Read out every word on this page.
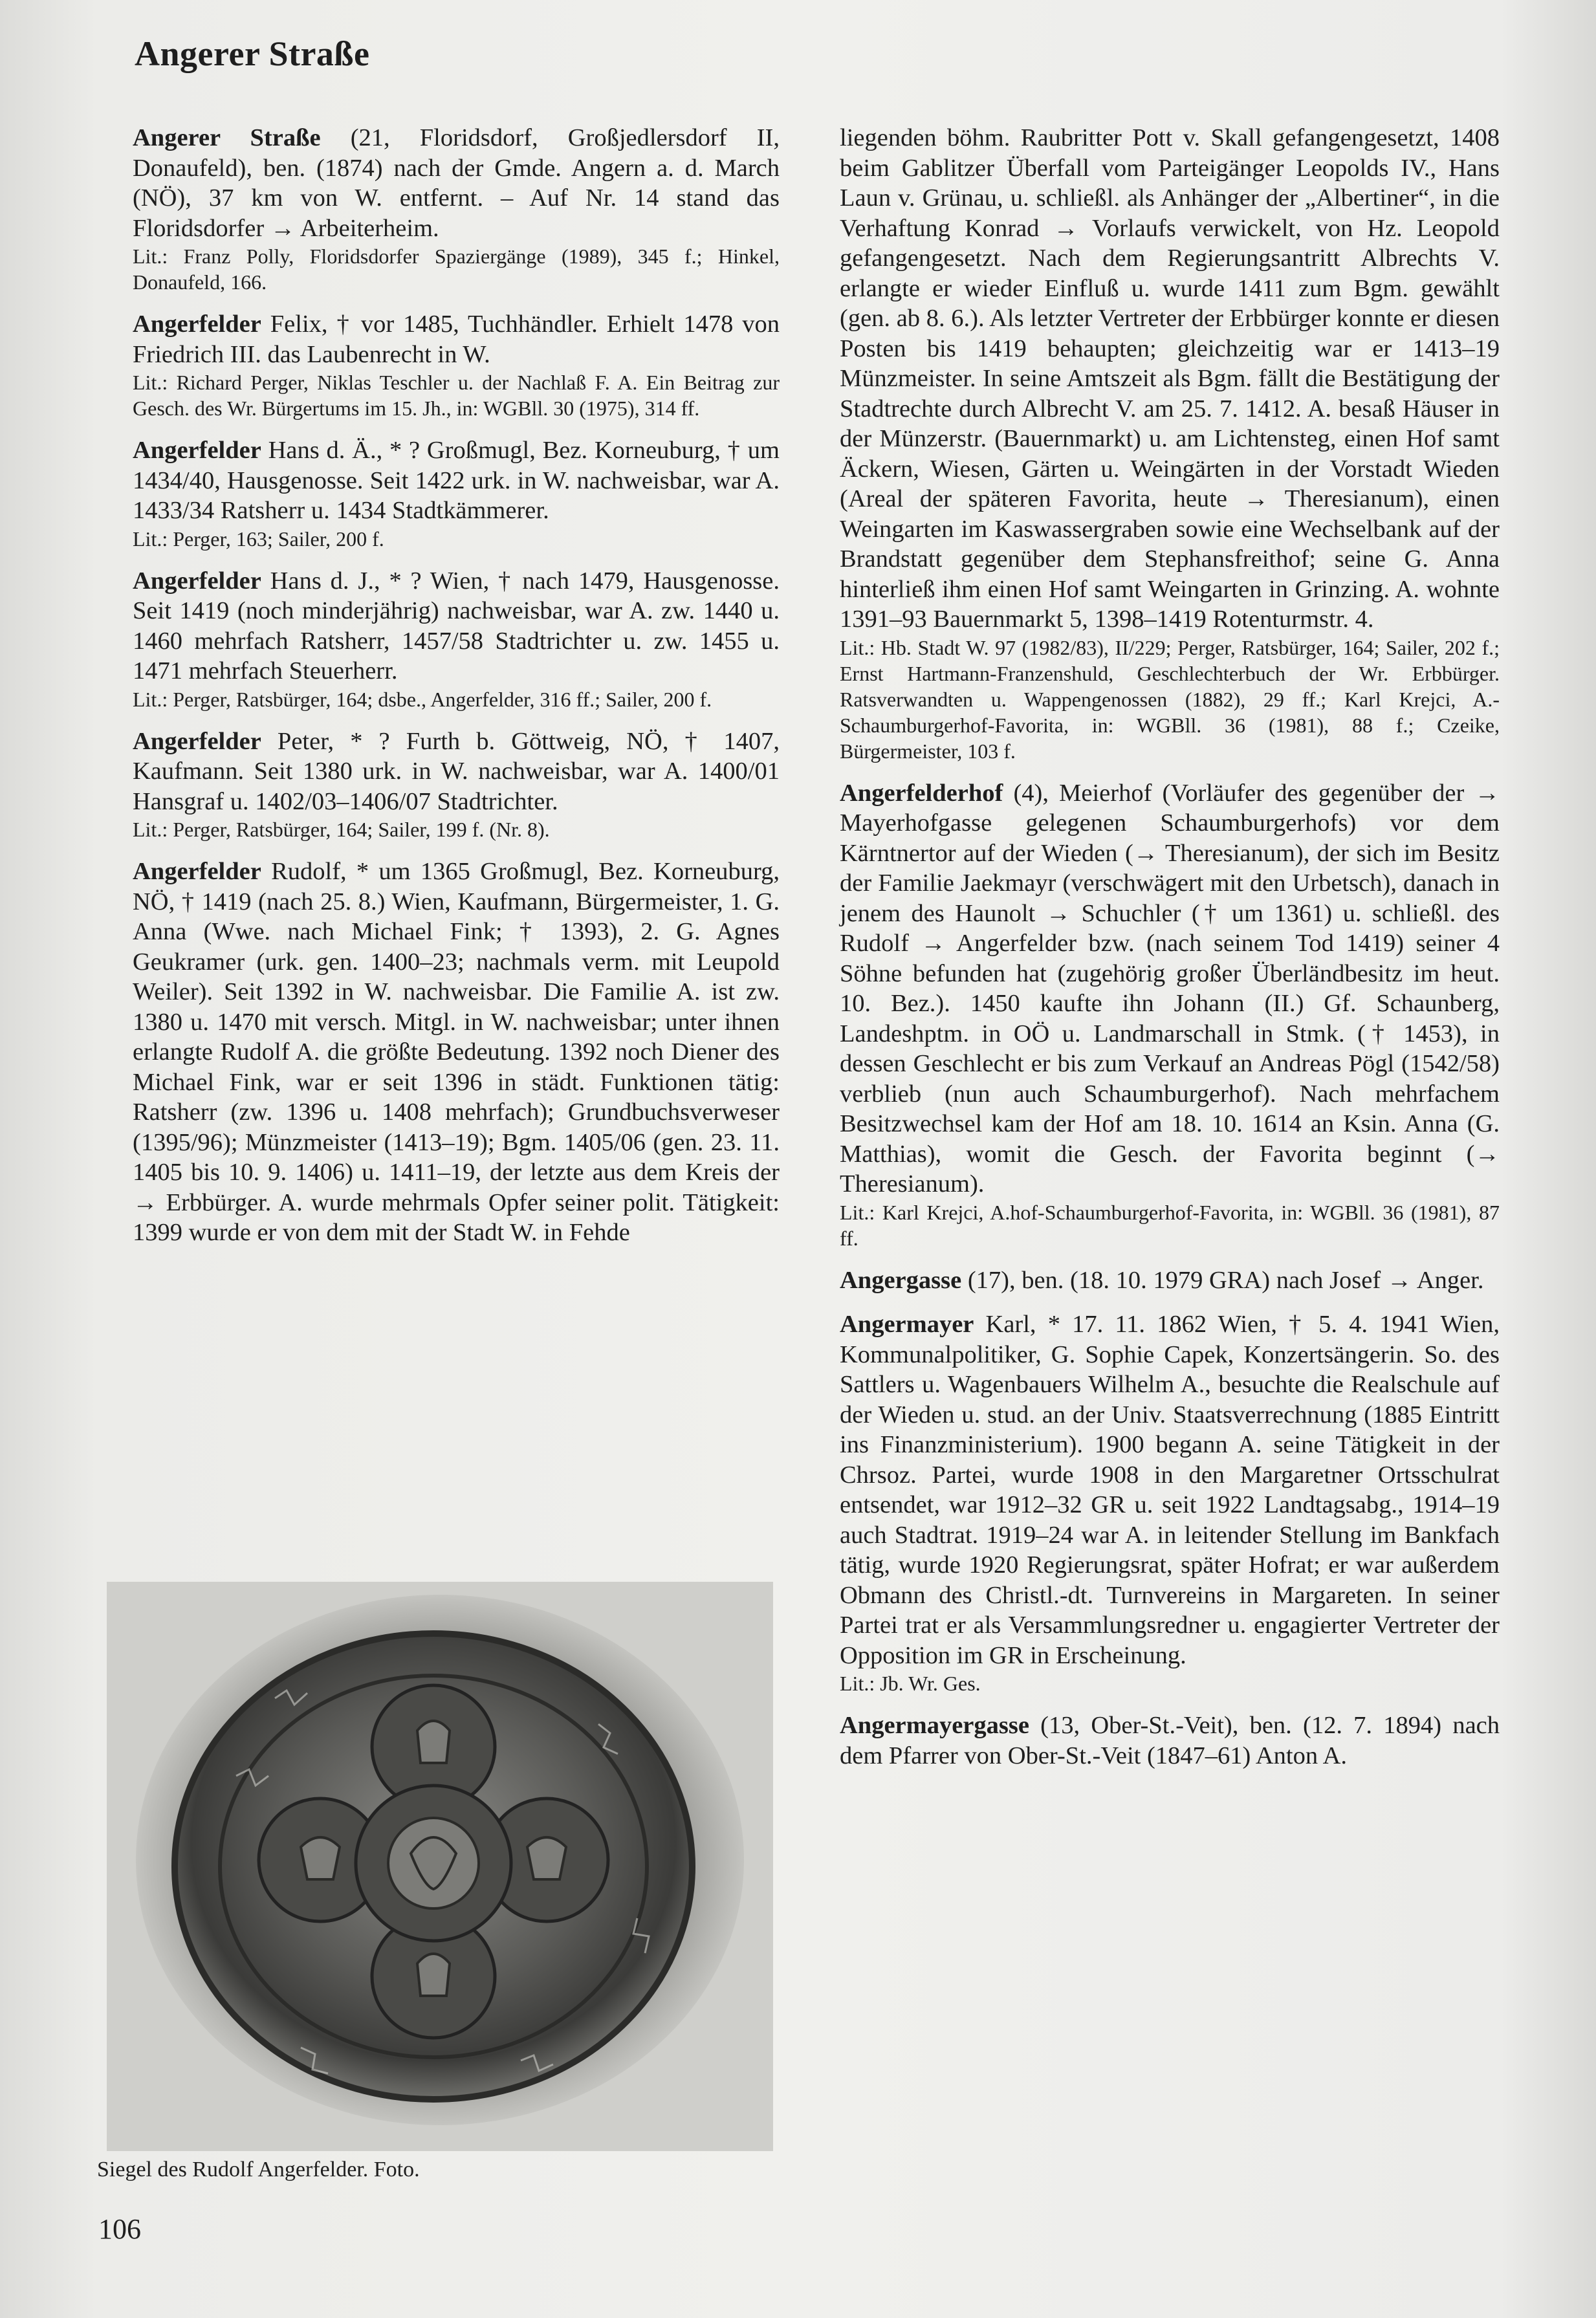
Angerer Straße

Angerer Straße (21, Floridsdorf, Großjedlersdorf II, Donaufeld), ben. (1874) nach der Gmde. Angern a. d. March (NÖ), 37 km von W. entfernt. – Auf Nr. 14 stand das Floridsdorfer → Arbeiterheim.

Lit.: Franz Polly, Floridsdorfer Spaziergänge (1989), 345 f.; Hinkel, Donaufeld, 166.

Angerfelder Felix, † vor 1485, Tuchhändler. Erhielt 1478 von Friedrich III. das Laubenrecht in W.

Lit.: Richard Perger, Niklas Teschler u. der Nachlaß F. A. Ein Beitrag zur Gesch. des Wr. Bürgertums im 15. Jh., in: WGBll. 30 (1975), 314 ff.

Angerfelder Hans d. Ä., * ? Großmugl, Bez. Korneuburg, † um 1434/40, Hausgenosse. Seit 1422 urk. in W. nachweisbar, war A. 1433/34 Ratsherr u. 1434 Stadtkämmerer.

Lit.: Perger, 163; Sailer, 200 f.

Angerfelder Hans d. J., * ? Wien, † nach 1479, Hausgenosse. Seit 1419 (noch minderjährig) nachweisbar, war A. zw. 1440 u. 1460 mehrfach Ratsherr, 1457/58 Stadtrichter u. zw. 1455 u. 1471 mehrfach Steuerherr.

Lit.: Perger, Ratsbürger, 164; dsbe., Angerfelder, 316 ff.; Sailer, 200 f.

Angerfelder Peter, * ? Furth b. Göttweig, NÖ, † 1407, Kaufmann. Seit 1380 urk. in W. nachweisbar, war A. 1400/01 Hansgraf u. 1402/03–1406/07 Stadtrichter.

Lit.: Perger, Ratsbürger, 164; Sailer, 199 f. (Nr. 8).

Angerfelder Rudolf, * um 1365 Großmugl, Bez. Korneuburg, NÖ, † 1419 (nach 25. 8.) Wien, Kaufmann, Bürgermeister, 1. G. Anna (Wwe. nach Michael Fink; † 1393), 2. G. Agnes Geukramer (urk. gen. 1400–23; nachmals verm. mit Leupold Weiler). Seit 1392 in W. nachweisbar. Die Familie A. ist zw. 1380 u. 1470 mit versch. Mitgl. in W. nachweisbar; unter ihnen erlangte Rudolf A. die größte Bedeutung. 1392 noch Diener des Michael Fink, war er seit 1396 in städt. Funktionen tätig: Ratsherr (zw. 1396 u. 1408 mehrfach); Grundbuchsverweser (1395/96); Münzmeister (1413–19); Bgm. 1405/06 (gen. 23. 11. 1405 bis 10. 9. 1406) u. 1411–19, der letzte aus dem Kreis der → Erbbürger. A. wurde mehrmals Opfer seiner polit. Tätigkeit: 1399 wurde er von dem mit der Stadt W. in Fehde

Siegel des Rudolf Angerfelder. Foto.

liegenden böhm. Raubritter Pott v. Skall gefangengesetzt, 1408 beim Gablitzer Überfall vom Parteigänger Leopolds IV., Hans Laun v. Grünau, u. schließl. als Anhänger der „Albertiner“, in die Verhaftung Konrad → Vorlaufs verwickelt, von Hz. Leopold gefangengesetzt. Nach dem Regierungsantritt Albrechts V. erlangte er wieder Einfluß u. wurde 1411 zum Bgm. gewählt (gen. ab 8. 6.). Als letzter Vertreter der Erbbürger konnte er diesen Posten bis 1419 behaupten; gleichzeitig war er 1413–19 Münzmeister. In seine Amtszeit als Bgm. fällt die Bestätigung der Stadtrechte durch Albrecht V. am 25. 7. 1412. A. besaß Häuser in der Münzerstr. (Bauernmarkt) u. am Lichtensteg, einen Hof samt Äckern, Wiesen, Gärten u. Weingärten in der Vorstadt Wieden (Areal der späteren Favorita, heute → Theresianum), einen Weingarten im Kaswassergraben sowie eine Wechselbank auf der Brandstatt gegenüber dem Stephansfreithof; seine G. Anna hinterließ ihm einen Hof samt Weingarten in Grinzing. A. wohnte 1391–93 Bauernmarkt 5, 1398–1419 Rotenturmstr. 4.

Lit.: Hb. Stadt W. 97 (1982/83), II/229; Perger, Ratsbürger, 164; Sailer, 202 f.; Ernst Hartmann-Franzenshuld, Geschlechterbuch der Wr. Erbbürger. Ratsverwandten u. Wappengenossen (1882), 29 ff.; Karl Krejci, A.-Schaumburgerhof-Favorita, in: WGBll. 36 (1981), 88 f.; Czeike, Bürgermeister, 103 f.

Angerfelderhof (4), Meierhof (Vorläufer des gegenüber der → Mayerhofgasse gelegenen Schaumburgerhofs) vor dem Kärntnertor auf der Wieden (→ Theresianum), der sich im Besitz der Familie Jaekmayr (verschwägert mit den Urbetsch), danach in jenem des Haunolt → Schuchler († um 1361) u. schließl. des Rudolf → Angerfelder bzw. (nach seinem Tod 1419) seiner 4 Söhne befunden hat (zugehörig großer Überländbesitz im heut. 10. Bez.). 1450 kaufte ihn Johann (II.) Gf. Schaunberg, Landeshptm. in OÖ u. Landmarschall in Stmk. († 1453), in dessen Geschlecht er bis zum Verkauf an Andreas Pögl (1542/58) verblieb (nun auch Schaumburgerhof). Nach mehrfachem Besitzwechsel kam der Hof am 18. 10. 1614 an Ksin. Anna (G. Matthias), womit die Gesch. der Favorita beginnt (→ Theresianum).

Lit.: Karl Krejci, A.hof-Schaumburgerhof-Favorita, in: WGBll. 36 (1981), 87 ff.

Angergasse (17), ben. (18. 10. 1979 GRA) nach Josef → Anger.

Angermayer Karl, * 17. 11. 1862 Wien, † 5. 4. 1941 Wien, Kommunalpolitiker, G. Sophie Capek, Konzertsängerin. So. des Sattlers u. Wagenbauers Wilhelm A., besuchte die Realschule auf der Wieden u. stud. an der Univ. Staatsverrechnung (1885 Eintritt ins Finanzministerium). 1900 begann A. seine Tätigkeit in der Chrsoz. Partei, wurde 1908 in den Margaretner Ortsschulrat entsendet, war 1912–32 GR u. seit 1922 Landtagsabg., 1914–19 auch Stadtrat. 1919–24 war A. in leitender Stellung im Bankfach tätig, wurde 1920 Regierungsrat, später Hofrat; er war außerdem Obmann des Christl.-dt. Turnvereins in Margareten. In seiner Partei trat er als Versammlungsredner u. engagierter Vertreter der Opposition im GR in Erscheinung.

Lit.: Jb. Wr. Ges.

Angermayergasse (13, Ober-St.-Veit), ben. (12. 7. 1894) nach dem Pfarrer von Ober-St.-Veit (1847–61) Anton A.

106
